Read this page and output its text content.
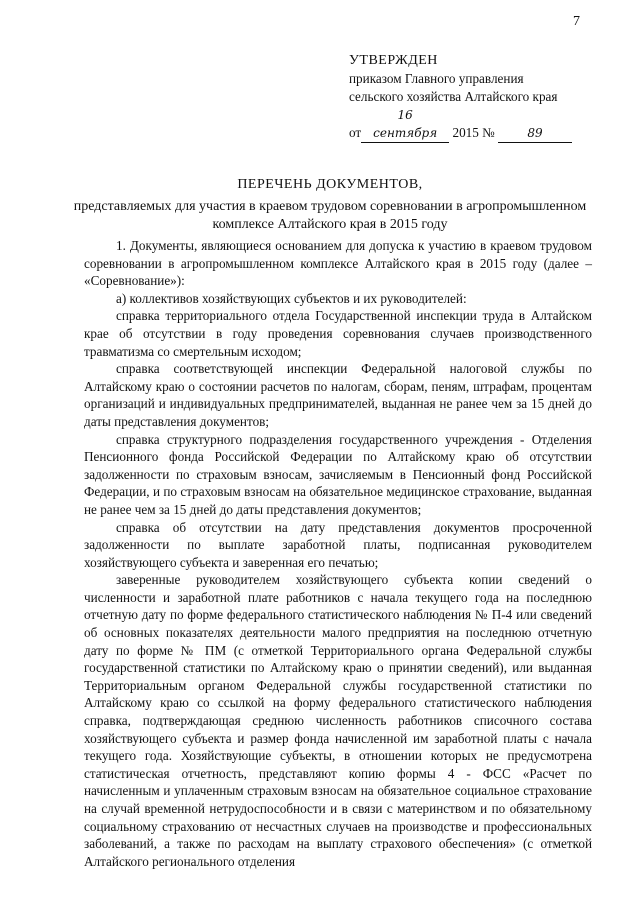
7
УТВЕРЖДЕН
приказом Главного управления
сельского хозяйства Алтайского края
от16 сентября 2015 №	89
ПЕРЕЧЕНЬ ДОКУМЕНТОВ,
представляемых для участия в краевом трудовом соревновании в агропромышленном комплексе Алтайского края в 2015 году

1. Документы, являющиеся основанием для допуска к участию в краевом трудовом соревновании в агропромышленном комплексе Алтайского края в 2015 году (далее – «Соревнование»):

а) коллективов хозяйствующих субъектов и их руководителей:

справка территориального отдела Государственной инспекции труда в Алтайском крае об отсутствии в году проведения соревнования случаев производственного травматизма со смертельным исходом;

справка соответствующей инспекции Федеральной налоговой службы по Алтайскому краю о состоянии расчетов по налогам, сборам, пеням, штрафам, процентам организаций и индивидуальных предпринимателей, выданная не ранее чем за 15 дней до даты представления документов;

справка структурного подразделения государственного учреждения - Отделения Пенсионного фонда Российской Федерации по Алтайскому краю об отсутствии задолженности по страховым взносам, зачисляемым в Пенсионный фонд Российской Федерации, и по страховым взносам на обязательное медицинское страхование, выданная не ранее чем за 15 дней до даты представления документов;

справка об отсутствии на дату представления документов просроченной задолженности по выплате заработной платы, подписанная руководителем хозяйствующего субъекта и заверенная его печатью;

заверенные руководителем хозяйствующего субъекта копии сведений о численности и заработной плате работников с начала текущего года на последнюю отчетную дату по форме федерального статистического наблюдения № П-4 или сведений об основных показателях деятельности малого предприятия на последнюю отчетную дату по форме № ПМ (с отметкой Территориального органа Федеральной службы государственной статистики по Алтайскому краю о принятии сведений), или выданная Территориальным органом Федеральной службы государственной статистики по Алтайскому краю со ссылкой на форму федерального статистического наблюдения справка, подтверждающая среднюю численность работников списочного состава хозяйствующего субъекта и размер фонда начисленной им заработной платы с начала текущего года. Хозяйствующие субъекты, в отношении которых не предусмотрена статистическая отчетность, представляют копию формы 4 - ФСС «Расчет по начисленным и уплаченным страховым взносам на обязательное социальное страхование на случай временной нетрудоспособности и в связи с материнством и по обязательному социальному страхованию от несчастных случаев на производстве и профессиональных заболеваний, а также по расходам на выплату страхового обеспечения» (с отметкой Алтайского регионального отделения
